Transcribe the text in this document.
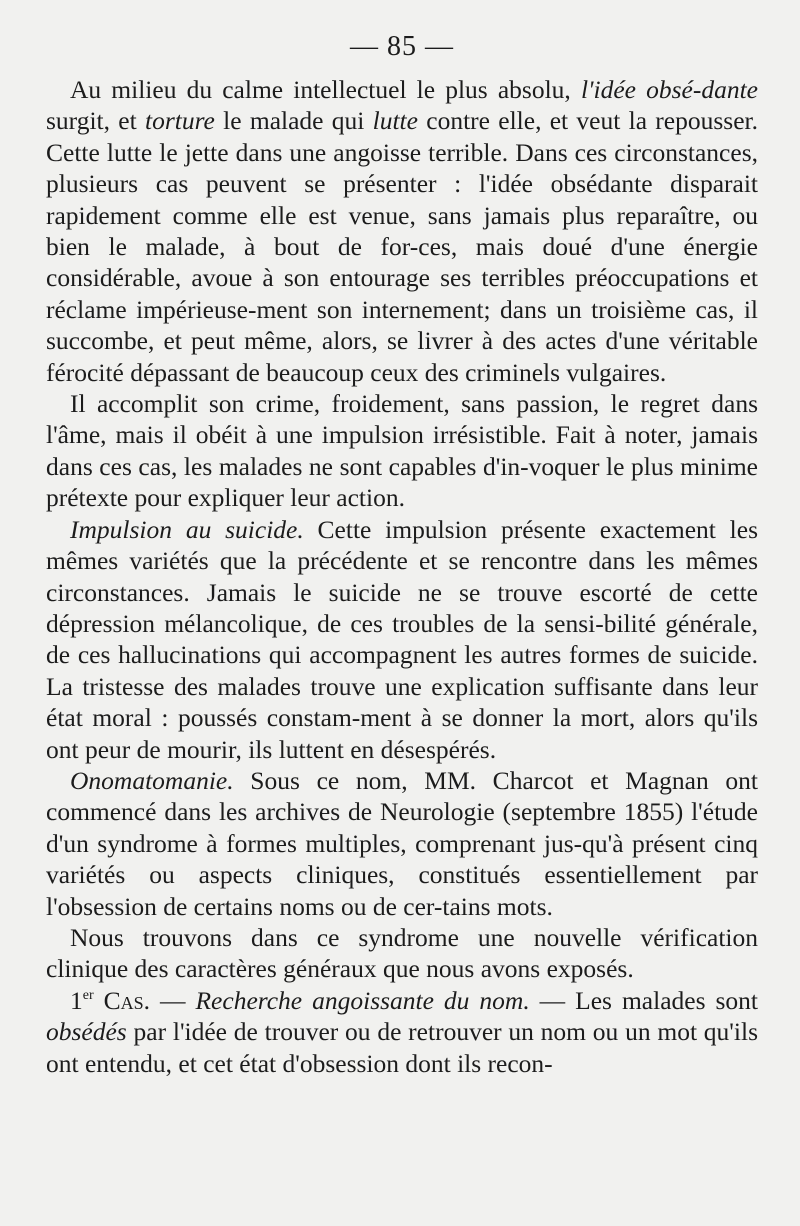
— 85 —

Au milieu du calme intellectuel le plus absolu, l'idée obsé-dante surgit, et torture le malade qui lutte contre elle, et veut la repousser. Cette lutte le jette dans une angoisse terrible. Dans ces circonstances, plusieurs cas peuvent se présenter : l'idée obsédante disparait rapidement comme elle est venue, sans jamais plus reparaître, ou bien le malade, à bout de for-ces, mais doué d'une énergie considérable, avoue à son entourage ses terribles préoccupations et réclame impérieuse-ment son internement; dans un troisième cas, il succombe, et peut même, alors, se livrer à des actes d'une véritable férocité dépassant de beaucoup ceux des criminels vulgaires.

Il accomplit son crime, froidement, sans passion, le regret dans l'âme, mais il obéit à une impulsion irrésistible. Fait à noter, jamais dans ces cas, les malades ne sont capables d'in-voquer le plus minime prétexte pour expliquer leur action.

Impulsion au suicide. Cette impulsion présente exactement les mêmes variétés que la précédente et se rencontre dans les mêmes circonstances. Jamais le suicide ne se trouve escorté de cette dépression mélancolique, de ces troubles de la sensi-bilité générale, de ces hallucinations qui accompagnent les autres formes de suicide. La tristesse des malades trouve une explication suffisante dans leur état moral : poussés constam-ment à se donner la mort, alors qu'ils ont peur de mourir, ils luttent en désespérés.

Onomatomanie. Sous ce nom, MM. Charcot et Magnan ont commencé dans les archives de Neurologie (septembre 1855) l'étude d'un syndrome à formes multiples, comprenant jus-qu'à présent cinq variétés ou aspects cliniques, constitués essentiellement par l'obsession de certains noms ou de cer-tains mots.

Nous trouvons dans ce syndrome une nouvelle vérification clinique des caractères généraux que nous avons exposés.

1er Cas. — Recherche angoissante du nom. — Les malades sont obsédés par l'idée de trouver ou de retrouver un nom ou un mot qu'ils ont entendu, et cet état d'obsession dont ils recon-
